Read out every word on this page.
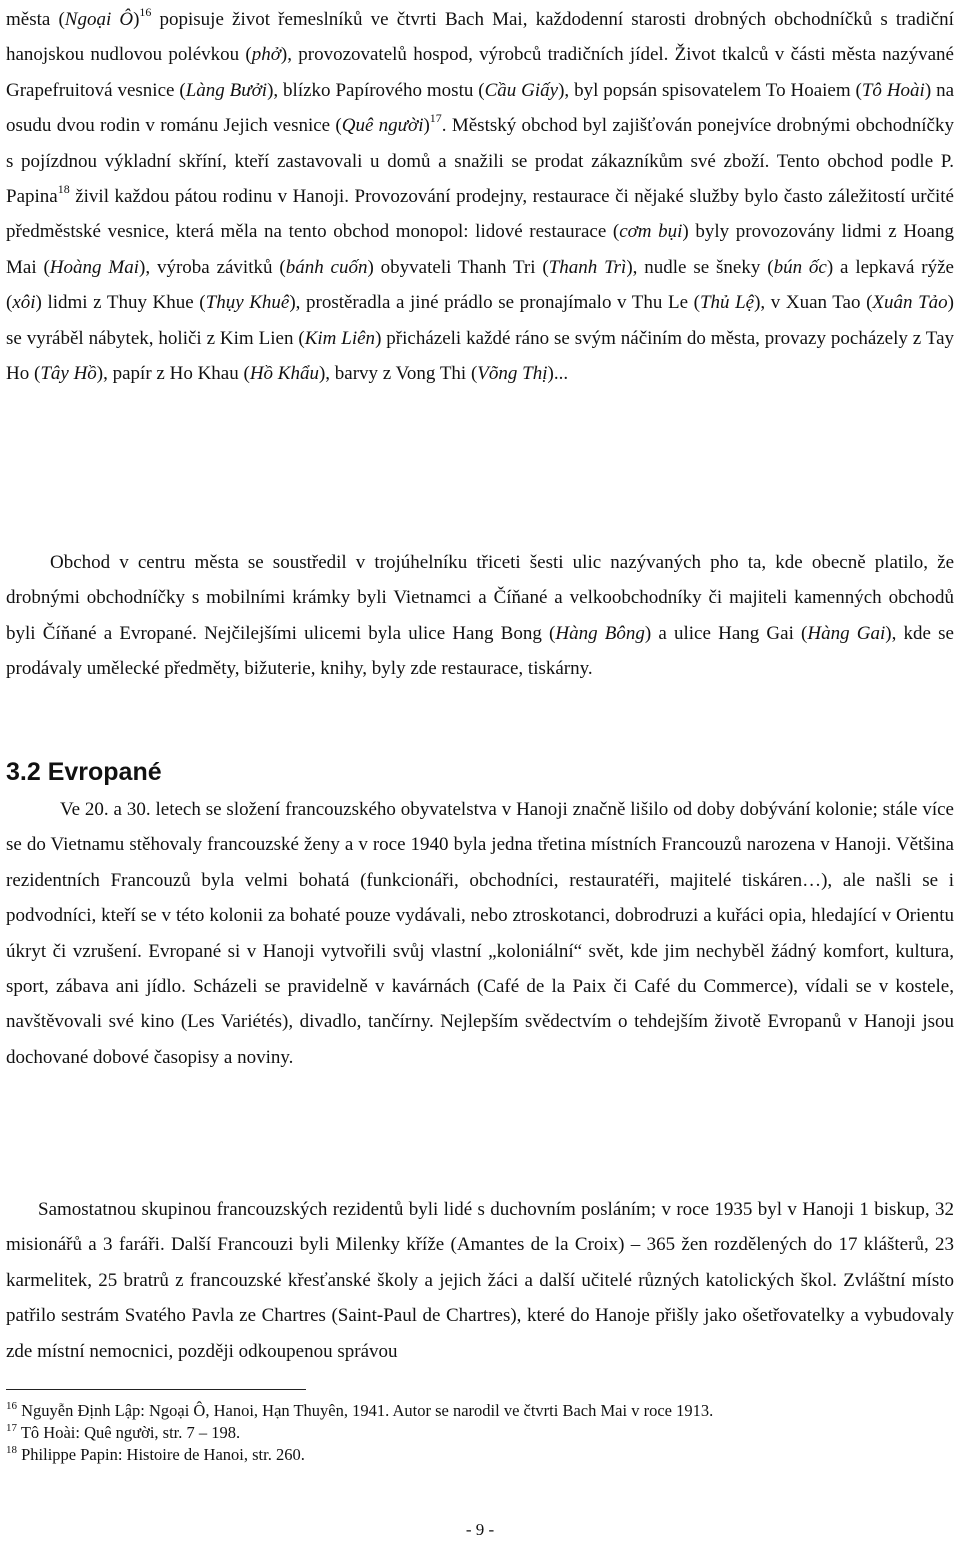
města (Ngoại Ô)$^{16}$ popisuje život řemeslníků ve čtvrti Bach Mai, každodenní starosti drobných obchodníčků s tradiční hanojskou nudlovou polévkou (phở), provozovatelů hospod, výrobců tradičních jídel. Život tkalců v části města nazývané Grapefruitová vesnice (Làng Bưởi), blízko Papírového mostu (Cầu Giấy), byl popsán spisovatelem To Hoaiem (Tô Hoài) na osudu dvou rodin v románu Jejich vesnice (Quê người)$^{17}$. Městský obchod byl zajišťován ponejvíce drobnými obchodníčky s pojízdnou výkladní skříní, kteří zastavovali u domů a snažili se prodat zákazníkům své zboží. Tento obchod podle P. Papina$^{18}$ živil každou pátou rodinu v Hanoji. Provozování prodejny, restaurace či nějaké služby bylo často záležitostí určité předměstské vesnice, která měla na tento obchod monopol: lidové restaurace (cơm bụi) byly provozovány lidmi z Hoang Mai (Hoàng Mai), výroba závitků (bánh cuốn) obyvateli Thanh Tri (Thanh Trì), nudle se šneky (bún ốc) a lepkavá rýže (xôi) lidmi z Thuy Khue (Thụy Khuê), prostěradla a jiné prádlo se pronajímalo v Thu Le (Thủ Lệ), v Xuan Tao (Xuân Tảo) se vyráběl nábytek, holiči z Kim Lien (Kim Liên) přicházeli každé ráno se svým náčiním do města, provazy pocházely z Tay Ho (Tây Hồ), papír z Ho Khau (Hồ Khẩu), barvy z Vong Thi (Võng Thị)...

Obchod v centru města se soustředil v trojúhelníku třiceti šesti ulic nazývaných pho ta, kde obecně platilo, že drobnými obchodníčky s mobilními krámky byli Vietnamci a Číňané a velkoobchodníky či majiteli kamenných obchodů byli Číňané a Evropané. Nejčilejšími ulicemi byla ulice Hang Bong (Hàng Bông) a ulice Hang Gai (Hàng Gai), kde se prodávaly umělecké předměty, bižuterie, knihy, byly zde restaurace, tiskárny.

3.2 Evropané

Ve 20. a 30. letech se složení francouzského obyvatelstva v Hanoji značně lišilo od doby dobývání kolonie; stále více se do Vietnamu stěhovaly francouzské ženy a v roce 1940 byla jedna třetina místních Francouzů narozena v Hanoji. Většina rezidentních Francouzů byla velmi bohatá (funkcionáři, obchodníci, restauratéři, majitelé tiskáren…), ale našli se i podvodníci, kteří se v této kolonii za bohaté pouze vydávali, nebo ztroskotanci, dobrodruzi a kuřáci opia, hledající v Orientu úkryt či vzrušení. Evropané si v Hanoji vytvořili svůj vlastní „koloniální“ svět, kde jim nechyběl žádný komfort, kultura, sport, zábava ani jídlo. Scházeli se pravidelně v kavárnách (Café de la Paix či Café du Commerce), vídali se v kostele, navštěvovali své kino (Les Variétés), divadlo, tančírny. Nejlepším svědectvím o tehdejším životě Evropanů v Hanoji jsou dochované dobové časopisy a noviny.

Samostatnou skupinou francouzských rezidentů byli lidé s duchovním posláním; v roce 1935 byl v Hanoji 1 biskup, 32 misionářů a 3 faráři. Další Francouzi byli Milenky kříže (Amantes de la Croix) – 365 žen rozdělených do 17 klášterů, 23 karmelitek, 25 bratrů z francouzské křesťanské školy a jejich žáci a další učitelé různých katolických škol. Zvláštní místo patřilo sestrám Svatého Pavla ze Chartres (Saint-Paul de Chartres), které do Hanoje přišly jako ošetřovatelky a vybudovaly zde místní nemocnici, později odkoupenou správou

$^{16}$ Nguyễn Định Lập: Ngoại Ô, Hanoi, Hạn Thuyên, 1941. Autor se narodil ve čtvrti Bach Mai v roce 1913.

$^{17}$ Tô Hoài: Quê người, str. 7 – 198.

$^{18}$ Philippe Papin: Histoire de Hanoi, str. 260.

- 9 -
